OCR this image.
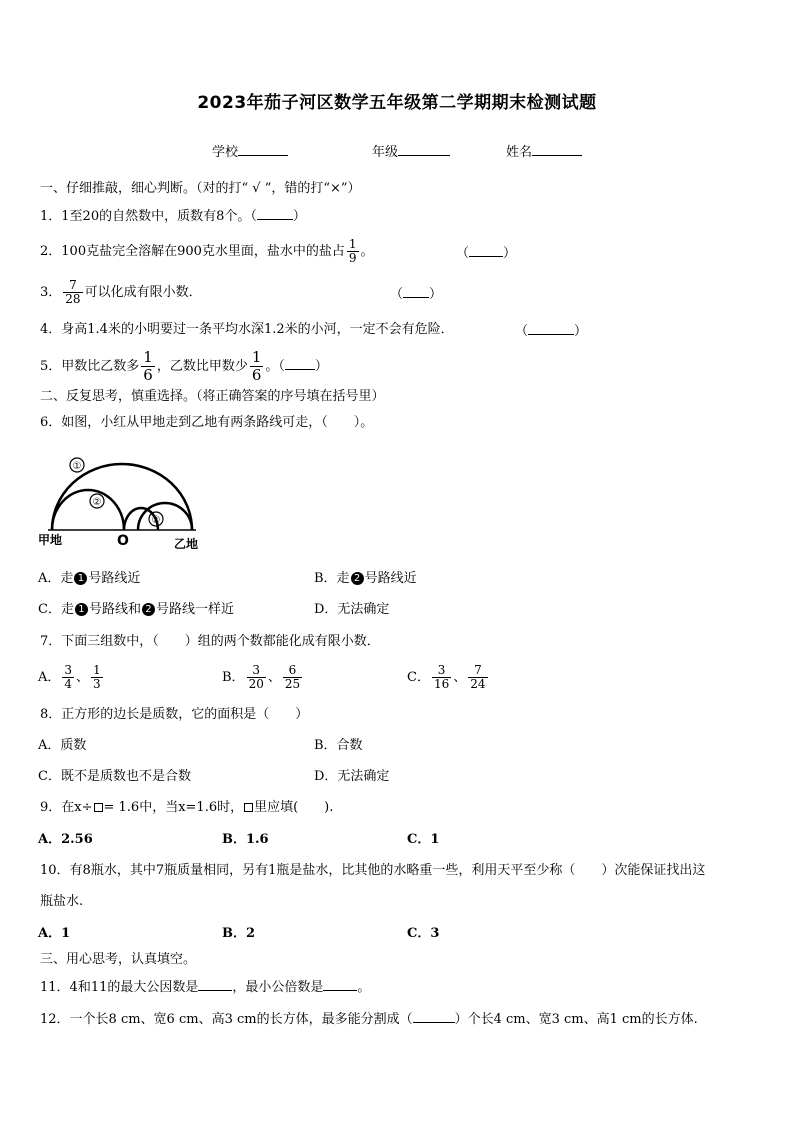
2023年茄子河区数学五年级第二学期期末检测试题
学校	年级	姓名
一、仔细推敲，细心判断。（对的打“ √ ”，错的打“×”）
1．1至20的自然数中，质数有8个。（	）
2．100克盐完全溶解在900克水里面，盐水中的盐占 $\frac{1}{9}$ 。	（	）
3． $\frac{7}{28}$ 可以化成有限小数．	（ ）
4．身高1.4米的小明要过一条平均水深1.2米的小河，一定不会有危险．	（	）
5．甲数比乙数多 $\frac{1}{6}$ ，乙数比甲数少 $\frac{1}{6}$ 。（ ）
二、反复思考，慎重选择。（将正确答案的序号填在括号里）
6．如图，小红从甲地走到乙地有两条路线可走，（　　）。
①
②
②
甲地	O	乙地
A．走 1 号路线近	B．走 2 号路线近
C．走 1 号路线和 2 号路线一样近	D．无法确定
7．下面三组数中，（　　）组的两个数都能化成有限小数．
A． $\frac{3}{4}$ 、 $\frac{1}{3}$	B． $\frac{3}{20}$ 、 $\frac{6}{25}$	C． $\frac{3}{16}$ 、 $\frac{7}{24}$
8．正方形的边长是质数，它的面积是（　　）
A．质数	B．合数
C．既不是质数也不是合数	D．无法确定
9．在x÷ = 1.6中，当x=1.6时， 里应填(　　).
A．2.56	B．1.6	C．1
10．有8瓶水，其中7瓶质量相同，另有1瓶是盐水，比其他的水略重一些，利用天平至少称（　　）次能保证找出这
瓶盐水.
A．1	B．2	C．3
三、用心思考，认真填空。
11．4和11的最大公因数是	，最小公倍数是	。
12．一个长8 cm、宽6 cm、高3 cm的长方体，最多能分割成（	）个长4 cm、宽3 cm、高1 cm的长方体.
